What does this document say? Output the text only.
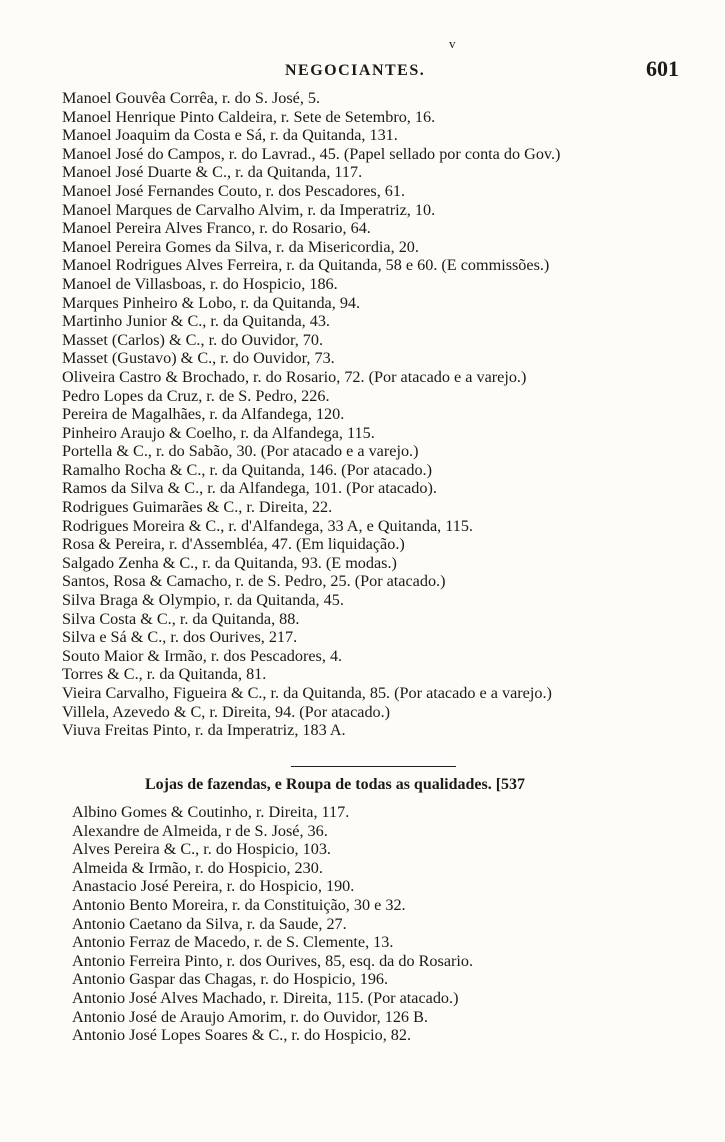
v
NEGOCIANTES.	601
Manoel Gouvêa Corrêa, r. do S. José, 5.
Manoel Henrique Pinto Caldeira, r. Sete de Setembro, 16.
Manoel Joaquim da Costa e Sá, r. da Quitanda, 131.
Manoel José do Campos, r. do Lavrad., 45. (Papel sellado por conta do Gov.)
Manoel José Duarte & C., r. da Quitanda, 117.
Manoel José Fernandes Couto, r. dos Pescadores, 61.
Manoel Marques de Carvalho Alvim, r. da Imperatriz, 10.
Manoel Pereira Alves Franco, r. do Rosario, 64.
Manoel Pereira Gomes da Silva, r. da Misericordia, 20.
Manoel Rodrigues Alves Ferreira, r. da Quitanda, 58 e 60. (E commissões.)
Manoel de Villasboas, r. do Hospicio, 186.
Marques Pinheiro & Lobo, r. da Quitanda, 94.
Martinho Junior & C., r. da Quitanda, 43.
Masset (Carlos) & C., r. do Ouvidor, 70.
Masset (Gustavo) & C., r. do Ouvidor, 73.
Oliveira Castro & Brochado, r. do Rosario, 72. (Por atacado e a varejo.)
Pedro Lopes da Cruz, r. de S. Pedro, 226.
Pereira de Magalhães, r. da Alfandega, 120.
Pinheiro Araujo & Coelho, r. da Alfandega, 115.
Portella & C., r. do Sabão, 30. (Por atacado e a varejo.)
Ramalho Rocha & C., r. da Quitanda, 146. (Por atacado.)
Ramos da Silva & C., r. da Alfandega, 101. (Por atacado).
Rodrigues Guimarães & C., r. Direita, 22.
Rodrigues Moreira & C., r. d'Alfandega, 33 A, e Quitanda, 115.
Rosa & Pereira, r. d'Assembléa, 47. (Em liquidação.)
Salgado Zenha & C., r. da Quitanda, 93. (E modas.)
Santos, Rosa & Camacho, r. de S. Pedro, 25. (Por atacado.)
Silva Braga & Olympio, r. da Quitanda, 45.
Silva Costa & C., r. da Quitanda, 88.
Silva e Sá & C., r. dos Ourives, 217.
Souto Maior & Irmão, r. dos Pescadores, 4.
Torres & C., r. da Quitanda, 81.
Vieira Carvalho, Figueira & C., r. da Quitanda, 85. (Por atacado e a varejo.)
Villela, Azevedo & C, r. Direita, 94. (Por atacado.)
Viuva Freitas Pinto, r. da Imperatriz, 183 A.
Lojas de fazendas, e Roupa de todas as qualidades. [537
Albino Gomes & Coutinho, r. Direita, 117.
Alexandre de Almeida, r de S. José, 36.
Alves Pereira & C., r. do Hospicio, 103.
Almeida & Irmão, r. do Hospicio, 230.
Anastacio José Pereira, r. do Hospicio, 190.
Antonio Bento Moreira, r. da Constituição, 30 e 32.
Antonio Caetano da Silva, r. da Saude, 27.
Antonio Ferraz de Macedo, r. de S. Clemente, 13.
Antonio Ferreira Pinto, r. dos Ourives, 85, esq. da do Rosario.
Antonio Gaspar das Chagas, r. do Hospicio, 196.
Antonio José Alves Machado, r. Direita, 115. (Por atacado.)
Antonio José de Araujo Amorim, r. do Ouvidor, 126 B.
Antonio José Lopes Soares & C., r. do Hospicio, 82.
